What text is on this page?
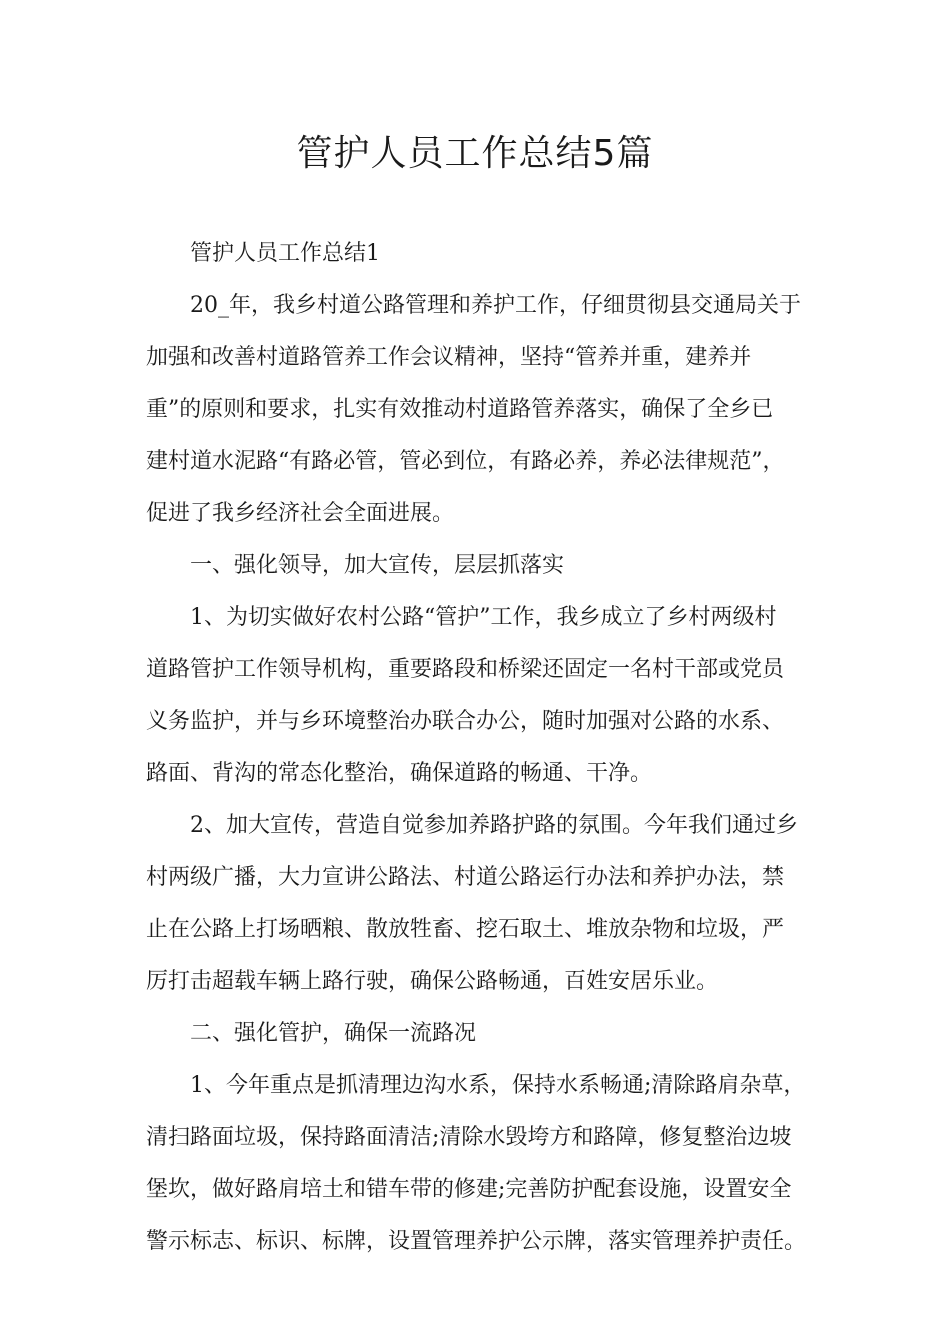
管护人员工作总结5篇

管护人员工作总结1

20_年，我乡村道公路管理和养护工作，仔细贯彻县交通局关于
加强和改善村道路管养工作会议精神，坚持“管养并重，建养并
重”的原则和要求，扎实有效推动村道路管养落实，确保了全乡已
建村道水泥路“有路必管，管必到位，有路必养，养必法律规范”，
促进了我乡经济社会全面进展。

一、强化领导，加大宣传，层层抓落实

1、为切实做好农村公路“管护”工作，我乡成立了乡村两级村
道路管护工作领导机构，重要路段和桥梁还固定一名村干部或党员
义务监护，并与乡环境整治办联合办公，随时加强对公路的水系、
路面、背沟的常态化整治，确保道路的畅通、干净。

2、加大宣传，营造自觉参加养路护路的氛围。今年我们通过乡
村两级广播，大力宣讲公路法、村道公路运行办法和养护办法，禁
止在公路上打场晒粮、散放牲畜、挖石取土、堆放杂物和垃圾，严
厉打击超载车辆上路行驶，确保公路畅通，百姓安居乐业。

二、强化管护，确保一流路况

1、今年重点是抓清理边沟水系，保持水系畅通;清除路肩杂草，
清扫路面垃圾，保持路面清洁;清除水毁垮方和路障，修复整治边坡
堡坎，做好路肩培土和错车带的修建;完善防护配套设施，设置安全
警示标志、标识、标牌，设置管理养护公示牌，落实管理养护责任。
